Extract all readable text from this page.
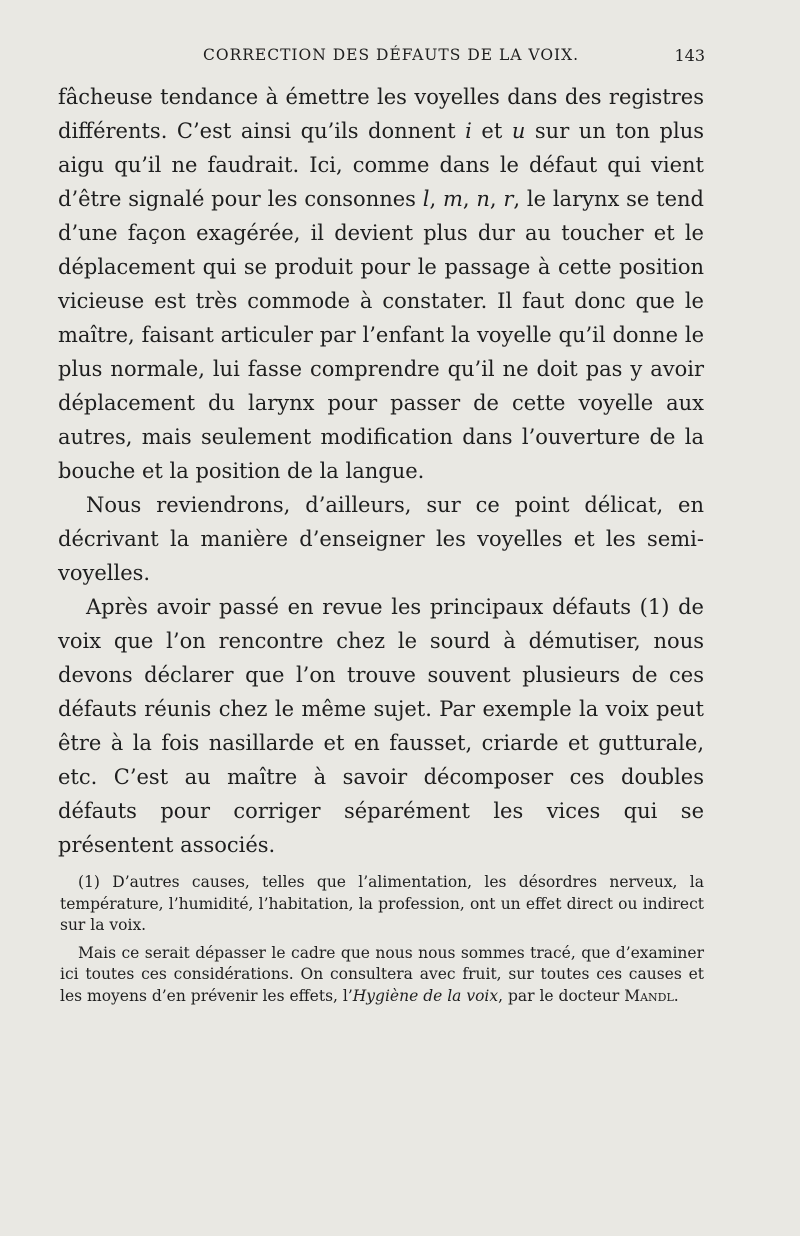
CORRECTION DES DÉFAUTS DE LA VOIX.	143

fâcheuse tendance à émettre les voyelles dans des registres différents. C’est ainsi qu’ils donnent i et u sur un ton plus aigu qu’il ne faudrait. Ici, comme dans le défaut qui vient d’être signalé pour les consonnes l, m, n, r, le larynx se tend d’une façon exagérée, il devient plus dur au toucher et le déplacement qui se produit pour le passage à cette position vicieuse est très commode à constater. Il faut donc que le maître, faisant articuler par l’enfant la voyelle qu’il donne le plus normale, lui fasse comprendre qu’il ne doit pas y avoir déplacement du larynx pour passer de cette voyelle aux autres, mais seulement modification dans l’ouverture de la bouche et la position de la langue.

Nous reviendrons, d’ailleurs, sur ce point délicat, en décrivant la manière d’enseigner les voyelles et les semi-voyelles.

Après avoir passé en revue les principaux défauts (1) de voix que l’on rencontre chez le sourd à démutiser, nous devons déclarer que l’on trouve souvent plusieurs de ces défauts réunis chez le même sujet. Par exemple la voix peut être à la fois nasillarde et en fausset, criarde et gutturale, etc. C’est au maître à savoir décomposer ces doubles défauts pour corriger séparément les vices qui se présentent associés.

(1) D’autres causes, telles que l’alimentation, les désordres nerveux, la température, l’humidité, l’habitation, la profession, ont un effet direct ou indirect sur la voix.

Mais ce serait dépasser le cadre que nous nous sommes tracé, que d’examiner ici toutes ces considérations. On consultera avec fruit, sur toutes ces causes et les moyens d’en prévenir les effets, l’Hygiène de la voix, par le docteur Mandl.
